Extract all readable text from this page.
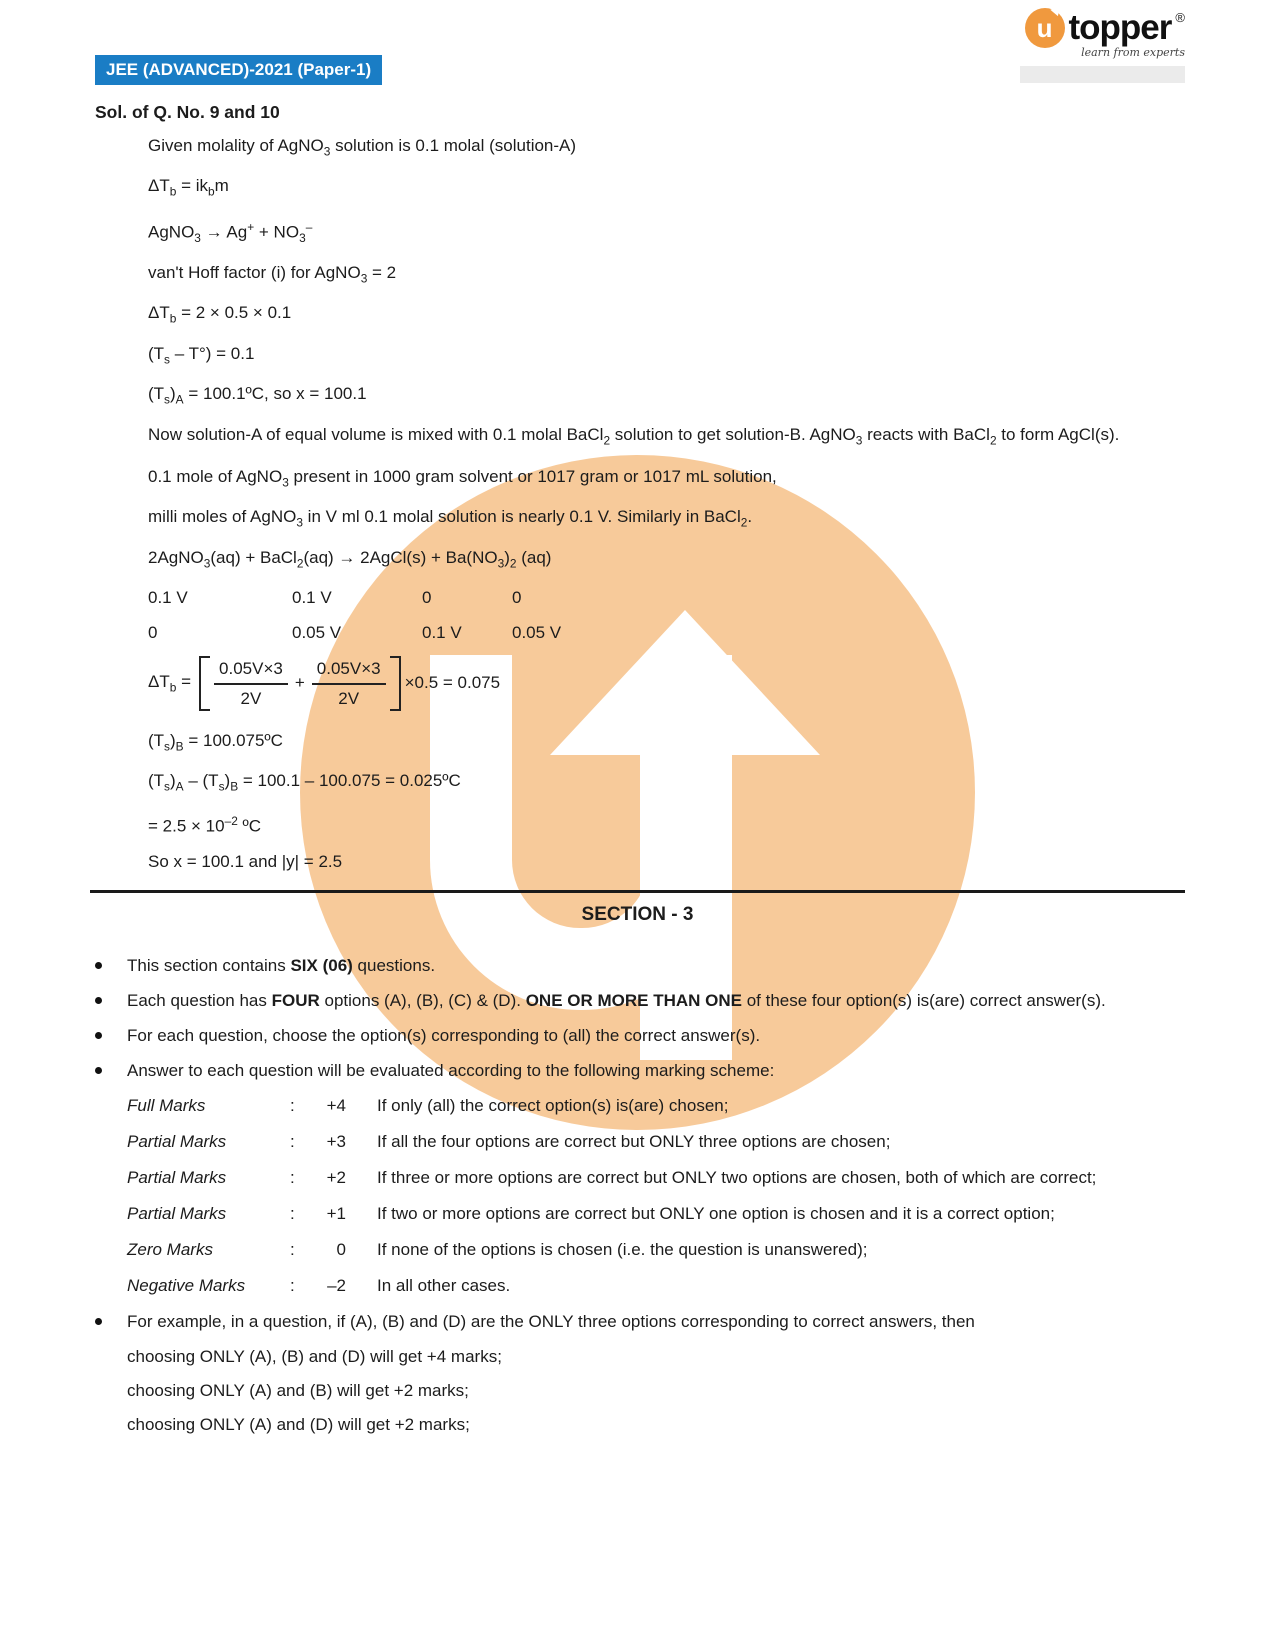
JEE (ADVANCED)-2021 (Paper-1)
u topper ®
learn from experts
Sol. of Q. No. 9 and 10

Given molality of AgNO$_3$ solution is 0.1 molal (solution-A)

$\Delta T_b = ik_bm$

AgNO$_3$ → $Ag^+ + NO_3^-$

van't Hoff factor (i) for AgNO$_3$ = 2

$\Delta T_b = 2 \times 0.5 \times 0.1$

$(T_s - T^\circ) = 0.1$

$(T_s)_A$ = 100.1ºC, so x = 100.1

Now solution-A of equal volume is mixed with 0.1 molal BaCl$_2$ solution to get solution-B. AgNO$_3$ reacts with BaCl$_2$ to form AgCl(s).

0.1 mole of AgNO$_3$ present in 1000 gram solvent or 1017 gram or 1017 mL solution,

milli moles of AgNO$_3$ in V ml 0.1 molal solution is nearly 0.1 V. Similarly in BaCl$_2$.

2AgNO$_3$(aq) + BaCl$_2$(aq) → 2AgCl(s) + $Ba(NO_3)_2$ (aq)

0.1 V	0.1 V	0	0
0	0.05 V	0.1 V	0.05 V
$\Delta T_b = \frac{0.05V\times 3}{2V} + \frac{0.05V\times 3}{2V} \times 0.5 = 0.075$

$(T_s)_B$ = 100.075ºC

$(T_s)_A - (T_s)_B = 100.1 - 100.075$ = 0.025ºC

= $2.5 \times 10^{-2}$ ºC

So x = 100.1 and |y| = 2.5

SECTION - 3
This section contains SIX (06) questions.
Each question has FOUR options (A), (B), (C) & (D). ONE OR MORE THAN ONE of these four option(s) is(are) correct answer(s).
For each question, choose the option(s) corresponding to (all) the correct answer(s).
Answer to each question will be evaluated according to the following marking scheme:
Full Marks	:	+4	If only (all) the correct option(s) is(are) chosen;
Partial Marks	:	+3	If all the four options are correct but ONLY three options are chosen;
Partial Marks	:	+2	If three or more options are correct but ONLY two options are chosen, both of which are correct;
Partial Marks	:	+1	If two or more options are correct but ONLY one option is chosen and it is a correct option;
Zero Marks	:	0	If none of the options is chosen (i.e. the question is unanswered);
Negative Marks	:	–2	In all other cases.
For example, in a question, if (A), (B) and (D) are the ONLY three options corresponding to correct answers, then

choosing ONLY (A), (B) and (D) will get +4 marks;

choosing ONLY (A) and (B) will get +2 marks;

choosing ONLY (A) and (D) will get +2 marks;
